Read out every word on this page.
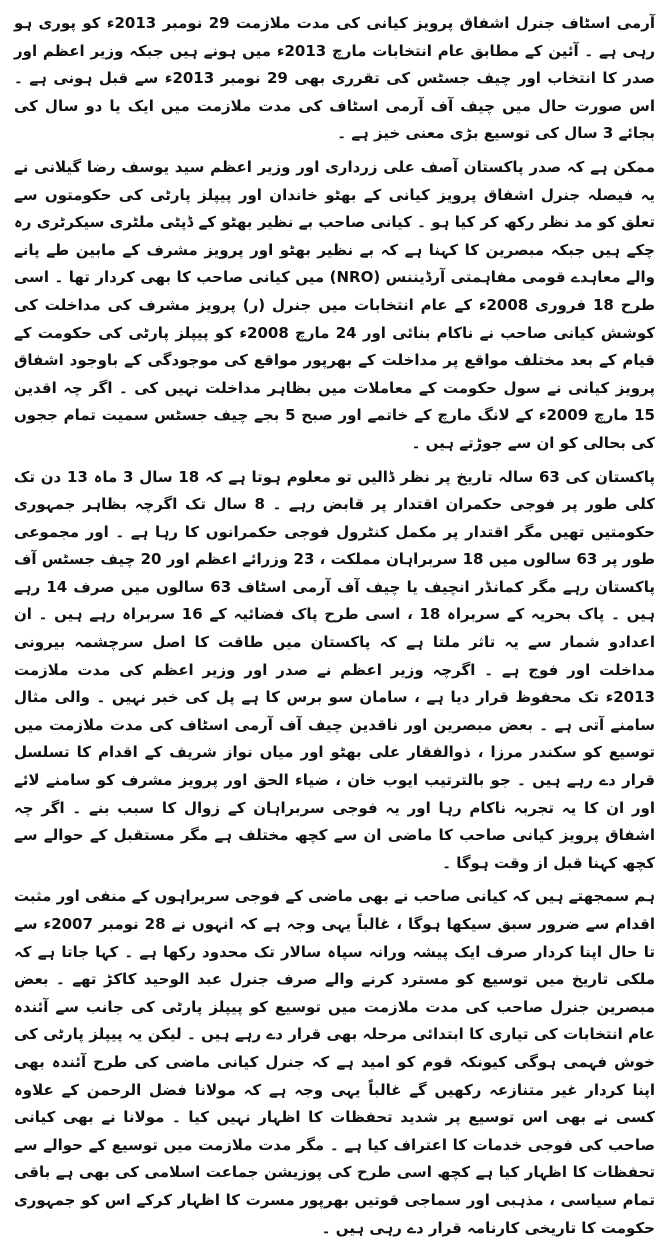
آرمی اسٹاف جنرل اشفاق پرویز کیانی کی مدت ملازمت 29 نومبر 2013ء کو پوری ہو رہی ہے ۔ آئین کے مطابق عام انتخابات مارچ 2013ء میں ہونے ہیں جبکہ وزیر اعظم اور صدر کا انتخاب اور چیف جسٹس کی تقرری بھی 29 نومبر 2013ء سے قبل ہونی ہے ۔ اس صورت حال میں چیف آف آرمی اسٹاف کی مدت ملازمت میں ایک یا دو سال کی بجائے 3 سال کی توسیع بڑی معنی خیز ہے ۔

ممکن ہے کہ صدر پاکستان آصف علی زرداری اور وزیر اعظم سید یوسف رضا گیلانی نے یہ فیصلہ جنرل اشفاق پرویز کیانی کے بھٹو خاندان اور پیپلز پارٹی کی حکومتوں سے تعلق کو مد نظر رکھ کر کیا ہو ۔ کیانی صاحب بے نظیر بھٹو کے ڈپٹی ملٹری سیکرٹری رہ چکے ہیں جبکہ مبصرین کا کہنا ہے کہ بے نظیر بھٹو اور پرویز مشرف کے مابین طے پانے والے معاہدے قومی مفاہمتی آرڈیننس (NRO) میں کیانی صاحب کا بھی کردار تھا ۔ اسی طرح 18 فروری 2008ء کے عام انتخابات میں جنرل (ر) پرویز مشرف کی مداخلت کی کوشش کیانی صاحب نے ناکام بنائی اور 24 مارچ 2008ء کو پیپلز پارٹی کی حکومت کے قیام کے بعد مختلف مواقع پر مداخلت کے بھرپور مواقع کی موجودگی کے باوجود اشفاق پرویز کیانی نے سول حکومت کے معاملات میں بظاہر مداخلت نہیں کی ۔ اگر چہ اقدین 15 مارچ 2009ء کے لانگ مارچ کے خاتمے اور صبح 5 بجے چیف جسٹس سمیت تمام ججوں کی بحالی کو ان سے جوڑتے ہیں ۔

پاکستان کی 63 سالہ تاریخ پر نظر ڈالیں تو معلوم ہوتا ہے کہ 18 سال 3 ماہ 13 دن تک کلی طور پر فوجی حکمران اقتدار پر قابض رہے ۔ 8 سال تک اگرچہ بظاہر جمہوری حکومتیں تھیں مگر اقتدار پر مکمل کنٹرول فوجی حکمرانوں کا رہا ہے ۔ اور مجموعی طور پر 63 سالوں میں 18 سربراہان مملکت ، 23 وزرائے اعظم اور 20 چیف جسٹس آف پاکستان رہے مگر کمانڈر انچیف یا چیف آف آرمی اسٹاف 63 سالوں میں صرف 14 رہے ہیں ۔ پاک بحریہ کے سربراہ 18 ، اسی طرح پاک فضائیہ کے 16 سربراہ رہے ہیں ۔ ان اعدادو شمار سے یہ تاثر ملتا ہے کہ پاکستان میں طاقت کا اصل سرچشمہ بیرونی مداخلت اور فوج ہے ۔ اگرچہ وزیر اعظم نے صدر اور وزیر اعظم کی مدت ملازمت 2013ء تک محفوظ قرار دیا ہے ، سامان سو برس کا ہے پل کی خبر نہیں ۔ والی مثال سامنے آتی ہے ۔ بعض مبصرین اور ناقدین چیف آف آرمی اسٹاف کی مدت ملازمت میں توسیع کو سکندر مرزا ، ذوالفقار علی بھٹو اور میاں نواز شریف کے اقدام کا تسلسل قرار دے رہے ہیں ۔ جو بالترتیب ایوب خان ، ضیاء الحق اور پرویز مشرف کو سامنے لائے اور ان کا یہ تجربہ ناکام رہا اور یہ فوجی سربراہان کے زوال کا سبب بنے ۔ اگر چہ اشفاق پرویز کیانی صاحب کا ماضی ان سے کچھ مختلف ہے مگر مستقبل کے حوالے سے کچھ کہنا قبل از وقت ہوگا ۔

ہم سمجھتے ہیں کہ کیانی صاحب نے بھی ماضی کے فوجی سربراہوں کے منفی اور مثبت اقدام سے ضرور سبق سیکھا ہوگا ، غالباً یہی وجہ ہے کہ انہوں نے 28 نومبر 2007ء سے تا حال اپنا کردار صرف ایک پیشہ ورانہ سپاہ سالار تک محدود رکھا ہے ۔ کہا جاتا ہے کہ ملکی تاریخ میں توسیع کو مسترد کرنے والے صرف جنرل عبد الوحید کاکڑ تھے ۔ بعض مبصرین جنرل صاحب کی مدت ملازمت میں توسیع کو پیپلز پارٹی کی جانب سے آئندہ عام انتخابات کی تیاری کا ابتدائی مرحلہ بھی قرار دے رہے ہیں ۔ لیکن یہ پیپلز پارٹی کی خوش فہمی ہوگی کیونکہ قوم کو امید ہے کہ جنرل کیانی ماضی کی طرح آئندہ بھی اپنا کردار غیر متنازعہ رکھیں گے غالباً یہی وجہ ہے کہ مولانا فضل الرحمن کے علاوہ کسی نے بھی اس توسیع پر شدید تحفظات کا اظہار نہیں کیا ۔ مولانا نے بھی کیانی صاحب کی فوجی خدمات کا اعتراف کیا ہے ۔ مگر مدت ملازمت میں توسیع کے حوالے سے تحفظات کا اظہار کیا ہے کچھ اسی طرح کی پوزیشن جماعت اسلامی کی بھی ہے باقی تمام سیاسی ، مذہبی اور سماجی قوتیں بھرپور مسرت کا اظہار کرکے اس کو جمہوری حکومت کا تاریخی کارنامہ قرار دے رہی ہیں ۔
